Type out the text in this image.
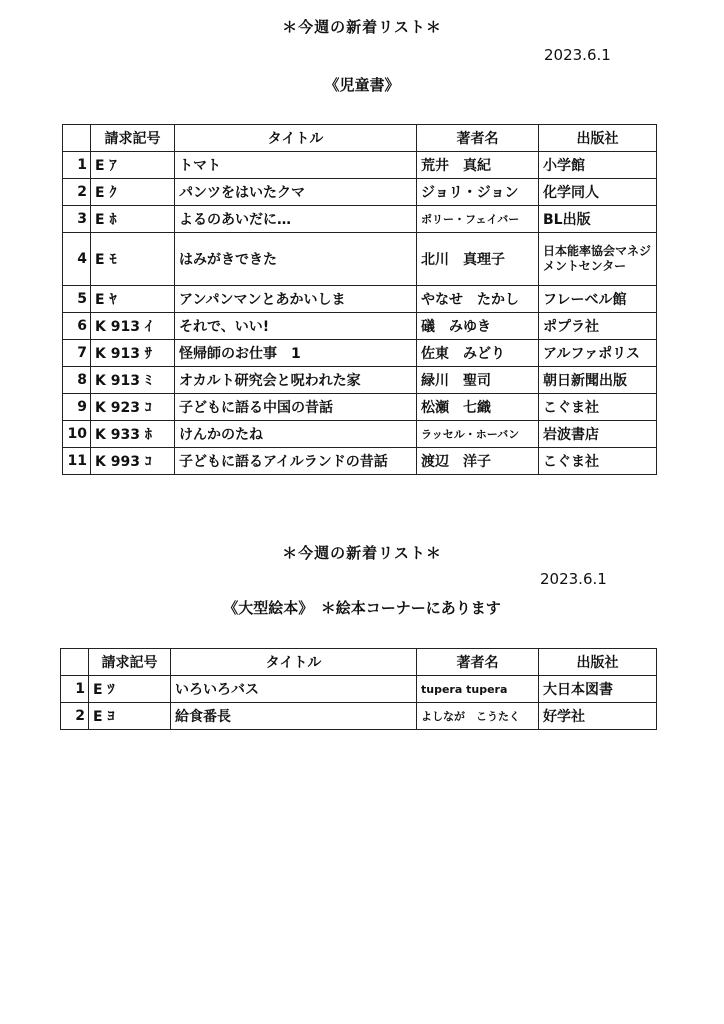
＊今週の新着リスト＊
2023.6.1
《児童書》
	請求記号	タイトル	著者名	出版社
1	E ｱ	トマト	荒井　真紀	小学館
2	E ｸ	パンツをはいたクマ	ジョリ・ジョン	化学同人
3	E ﾎ	よるのあいだに…	ポリー・フェイバー	BL出版
4	E ﾓ	はみがきできた	北川　真理子	日本能率協会マネジメントセンター
5	E ﾔ	アンパンマンとあかいしま	やなせ　たかし	フレーベル館
6	K 913 ｲ	それで、いい!	礒　みゆき	ポプラ社
7	K 913 ｻ	怪帰師のお仕事　1	佐東　みどり	アルファポリス
8	K 913 ﾐ	オカルト研究会と呪われた家	緑川　聖司	朝日新聞出版
9	K 923 ｺ	子どもに語る中国の昔話	松瀬　七織	こぐま社
10	K 933 ﾎ	けんかのたね	ラッセル・ホーバン	岩波書店
11	K 993 ｺ	子どもに語るアイルランドの昔話	渡辺　洋子	こぐま社
＊今週の新着リスト＊
2023.6.1
《大型絵本》　＊絵本コーナーにあります
	請求記号	タイトル	著者名	出版社
1	E ﾂ	いろいろバス	tupera tupera	大日本図書
2	E ﾖ	給食番長	よしなが　こうたく	好学社
